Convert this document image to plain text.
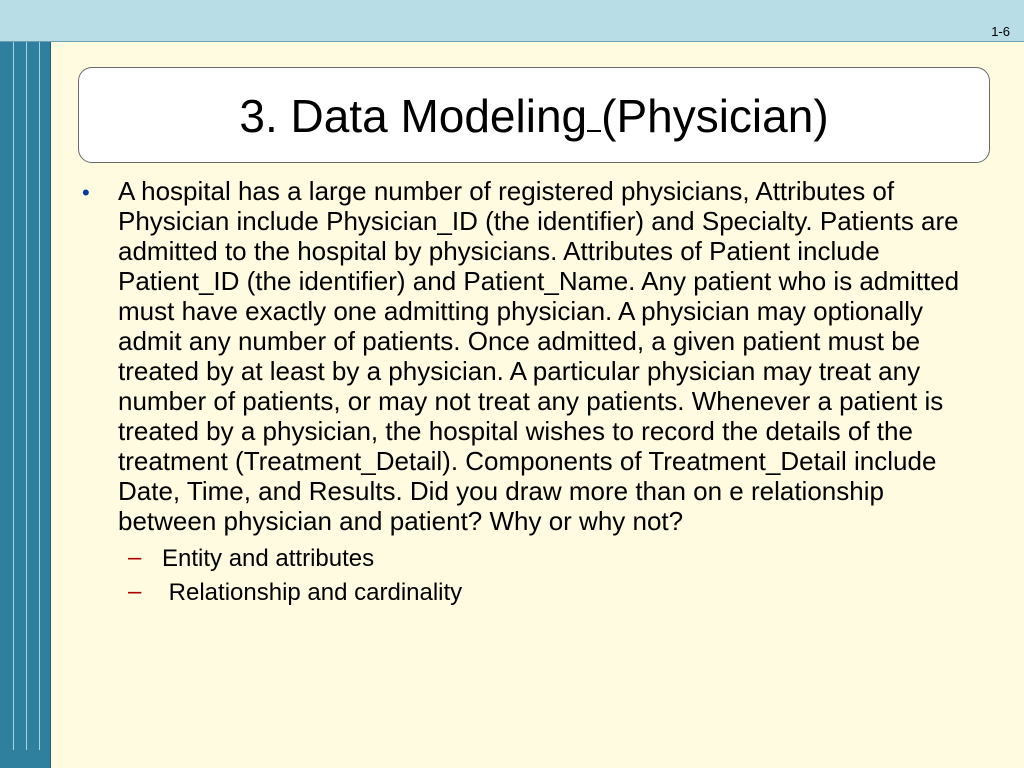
1-6
3. Data Modeling (Physician)
• A hospital has a large number of registered physicians, Attributes of Physician include Physician_ID (the identifier) and Specialty. Patients are admitted to the hospital by physicians. Attributes of Patient include Patient_ID (the identifier) and Patient_Name. Any patient who is admitted must have exactly one admitting physician. A physician may optionally admit any number of patients. Once admitted, a given patient must be treated by at least by a physician. A particular physician may treat any number of patients, or may not treat any patients. Whenever a patient is treated by a physician, the hospital wishes to record the details of the treatment (Treatment_Detail). Components of Treatment_Detail include Date, Time, and Results. Did you draw more than on e relationship between physician and patient? Why or why not?

– Entity and attributes
– Relationship and cardinality
